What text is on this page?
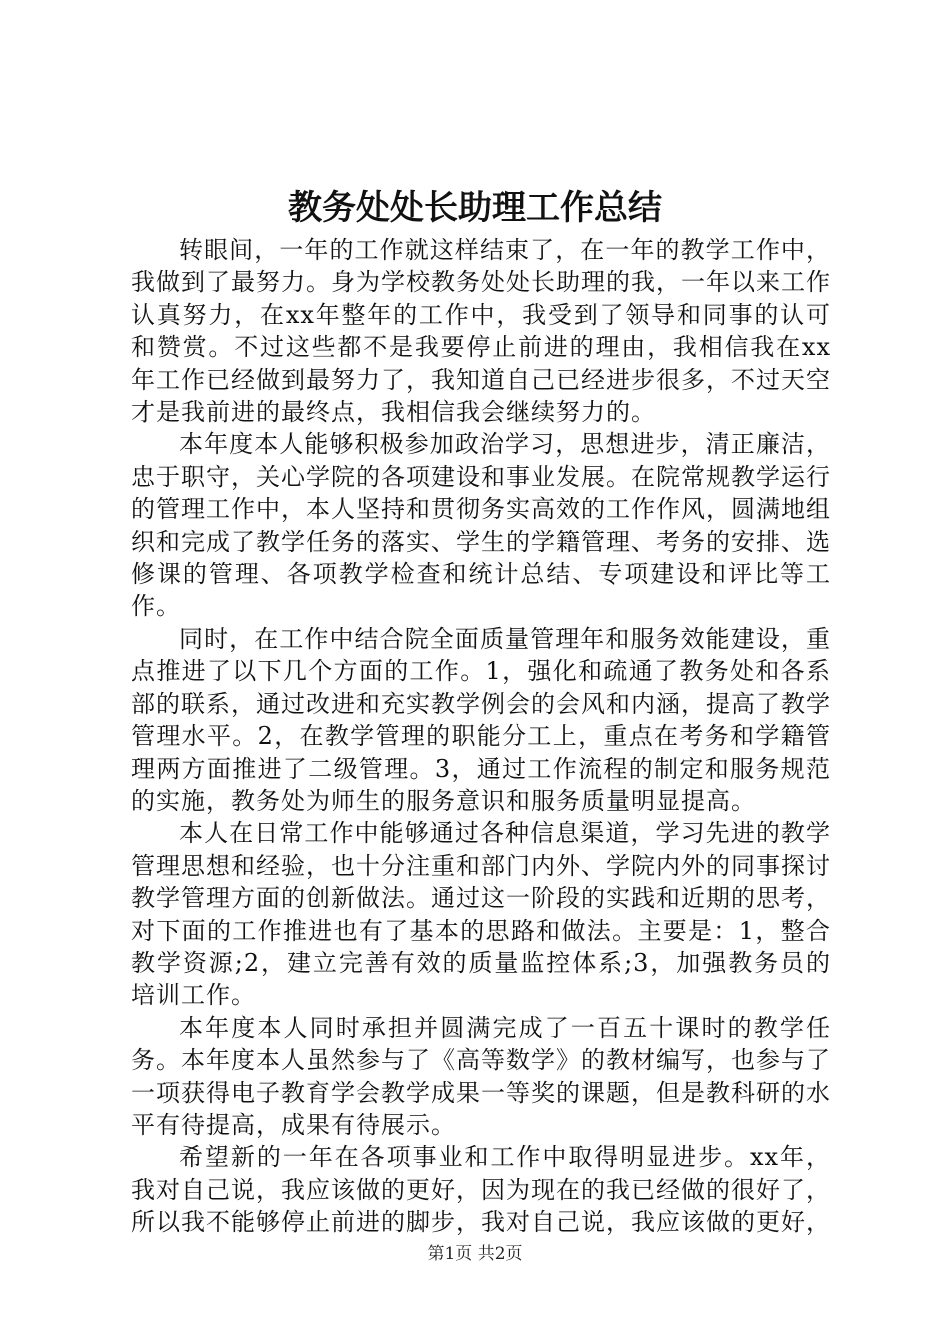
教务处处长助理工作总结

转眼间，一年的工作就这样结束了，在一年的教学工作中，我做到了最努力。身为学校教务处处长助理的我，一年以来工作认真努力，在xx年整年的工作中，我受到了领导和同事的认可和赞赏。不过这些都不是我要停止前进的理由，我相信我在xx年工作已经做到最努力了，我知道自己已经进步很多，不过天空才是我前进的最终点，我相信我会继续努力的。

本年度本人能够积极参加政治学习，思想进步，清正廉洁，忠于职守，关心学院的各项建设和事业发展。在院常规教学运行的管理工作中，本人坚持和贯彻务实高效的工作作风，圆满地组织和完成了教学任务的落实、学生的学籍管理、考务的安排、选修课的管理、各项教学检查和统计总结、专项建设和评比等工作。

同时，在工作中结合院全面质量管理年和服务效能建设，重点推进了以下几个方面的工作。1，强化和疏通了教务处和各系部的联系，通过改进和充实教学例会的会风和内涵，提高了教学管理水平。2，在教学管理的职能分工上，重点在考务和学籍管理两方面推进了二级管理。3，通过工作流程的制定和服务规范的实施，教务处为师生的服务意识和服务质量明显提高。

本人在日常工作中能够通过各种信息渠道，学习先进的教学管理思想和经验，也十分注重和部门内外、学院内外的同事探讨教学管理方面的创新做法。通过这一阶段的实践和近期的思考，对下面的工作推进也有了基本的思路和做法。主要是：1，整合教学资源;2，建立完善有效的质量监控体系;3，加强教务员的培训工作。

本年度本人同时承担并圆满完成了一百五十课时的教学任务。本年度本人虽然参与了《高等数学》的教材编写，也参与了一项获得电子教育学会教学成果一等奖的课题，但是教科研的水平有待提高，成果有待展示。

希望新的一年在各项事业和工作中取得明显进步。xx年，我对自己说，我应该做的更好，因为现在的我已经做的很好了，所以我不能够停止前进的脚步，我对自己说，我应该做的更好，

第1页 共2页
